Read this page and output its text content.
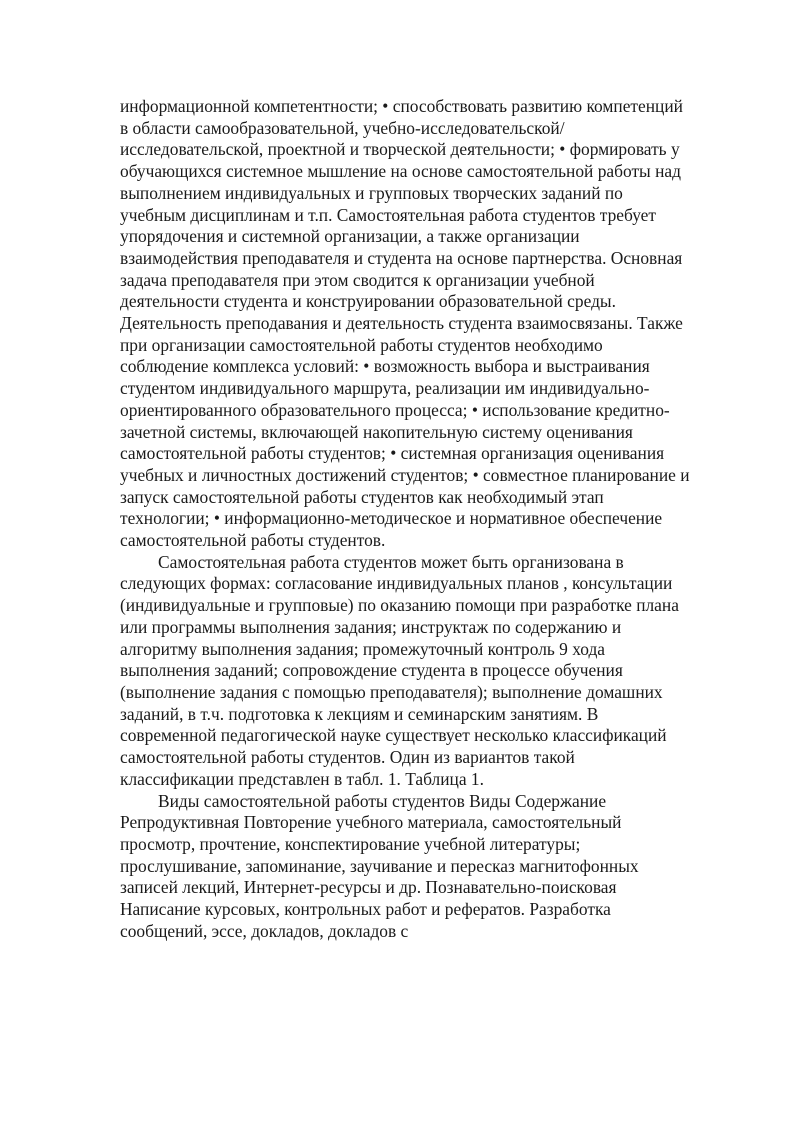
информационной компетентности; • способствовать развитию компетенций в области самообразовательной, учебно-исследовательской/исследовательской, проектной и творческой деятельности; • формировать у обучающихся системное мышление на основе самостоятельной работы над выполнением индивидуальных и групповых творческих заданий по учебным дисциплинам и т.п. Самостоятельная работа студентов требует упорядочения и системной организации, а также организации взаимодействия преподавателя и студента на основе партнерства. Основная задача преподавателя при этом сводится к организации учебной деятельности студента и конструировании образовательной среды. Деятельность преподавания и деятельность студента взаимосвязаны. Также при организации самостоятельной работы студентов необходимо соблюдение комплекса условий: • возможность выбора и выстраивания студентом индивидуального маршрута, реализации им индивидуально-ориентированного образовательного процесса; • использование кредитно-зачетной системы, включающей накопительную систему оценивания самостоятельной работы студентов; • системная организация оценивания учебных и личностных достижений студентов; • совместное планирование и запуск самостоятельной работы студентов как необходимый этап технологии; • информационно-методическое и нормативное обеспечение самостоятельной работы студентов.

Самостоятельная работа студентов может быть организована в следующих формах: согласование индивидуальных планов , консультации (индивидуальные и групповые) по оказанию помощи при разработке плана или программы выполнения задания; инструктаж по содержанию и алгоритму выполнения задания; промежуточный контроль 9 хода выполнения заданий; сопровождение студента в процессе обучения (выполнение задания с помощью преподавателя); выполнение домашних заданий, в т.ч. подготовка к лекциям и семинарским занятиям. В современной педагогической науке существует несколько классификаций самостоятельной работы студентов. Один из вариантов такой классификации представлен в табл. 1. Таблица 1.

Виды самостоятельной работы студентов Виды Содержание Репродуктивная Повторение учебного материала, самостоятельный просмотр, прочтение, конспектирование учебной литературы; прослушивание, запоминание, заучивание и пересказ магнитофонных записей лекций, Интернет-ресурсы и др. Познавательно-поисковая Написание курсовых, контрольных работ и рефератов. Разработка сообщений, эссе, докладов, докладов с
